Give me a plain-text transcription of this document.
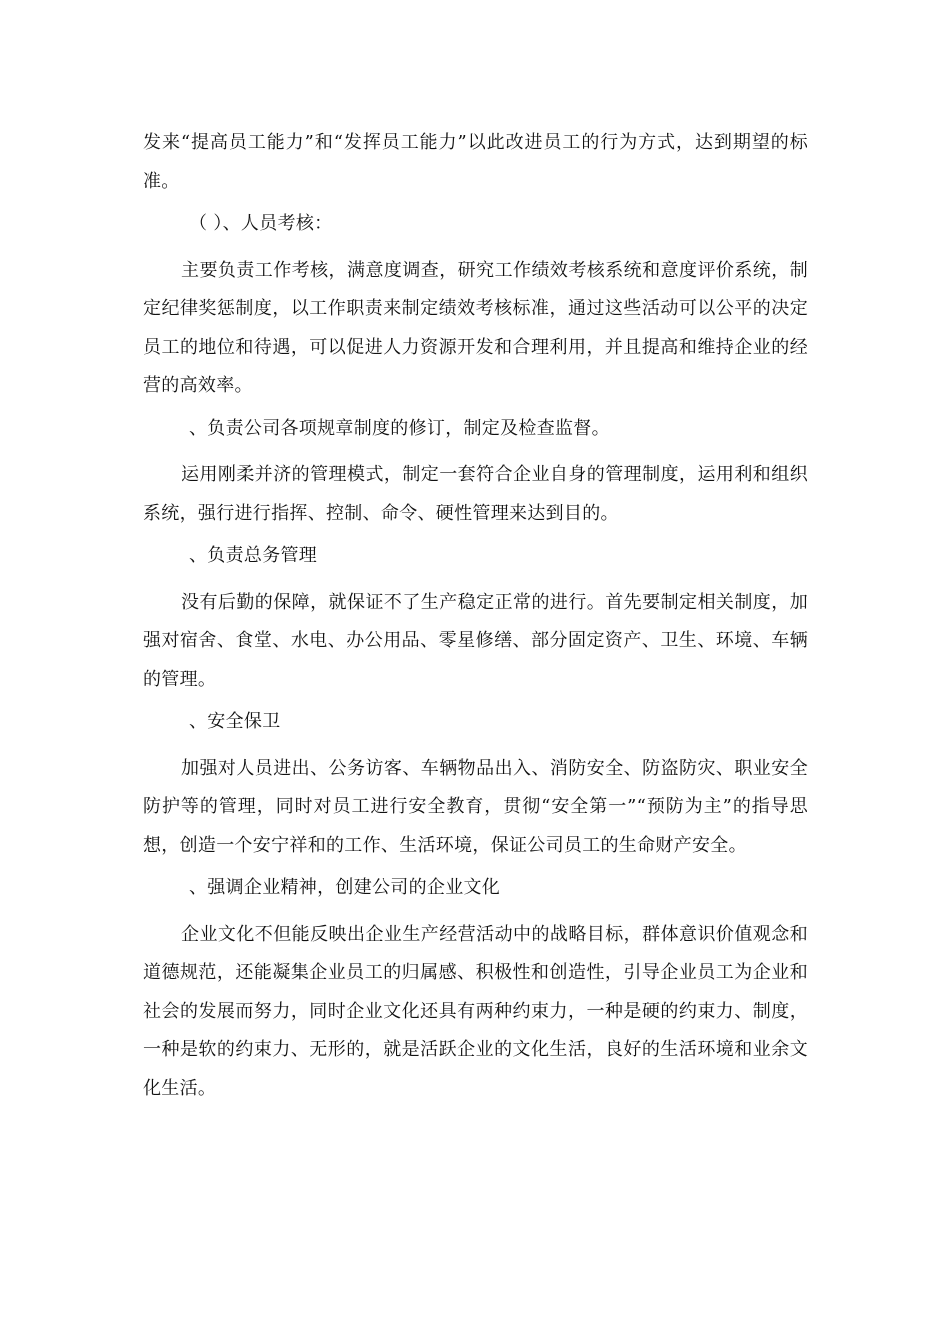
发来“提高员工能力”和“发挥员工能力”以此改进员工的行为方式，达到期望的标准。

（ ）、人员考核：

主要负责工作考核，满意度调查，研究工作绩效考核系统和意度评价系统，制定纪律奖惩制度，以工作职责来制定绩效考核标准，通过这些活动可以公平的决定员工的地位和待遇，可以促进人力资源开发和合理利用，并且提高和维持企业的经营的高效率。

、负责公司各项规章制度的修订，制定及检查监督。

运用刚柔并济的管理模式，制定一套符合企业自身的管理制度，运用利和组织系统，强行进行指挥、控制、命令、硬性管理来达到目的。

、负责总务管理

没有后勤的保障，就保证不了生产稳定正常的进行。首先要制定相关制度，加强对宿舍、食堂、水电、办公用品、零星修缮、部分固定资产、卫生、环境、车辆的管理。

、安全保卫

加强对人员进出、公务访客、车辆物品出入、消防安全、防盗防灾、职业安全防护等的管理，同时对员工进行安全教育，贯彻“安全第一”“预防为主”的指导思想，创造一个安宁祥和的工作、生活环境，保证公司员工的生命财产安全。

、强调企业精神，创建公司的企业文化

企业文化不但能反映出企业生产经营活动中的战略目标，群体意识价值观念和道德规范，还能凝集企业员工的归属感、积极性和创造性，引导企业员工为企业和社会的发展而努力，同时企业文化还具有两种约束力，一种是硬的约束力、制度，一种是软的约束力、无形的，就是活跃企业的文化生活，良好的生活环境和业余文化生活。
